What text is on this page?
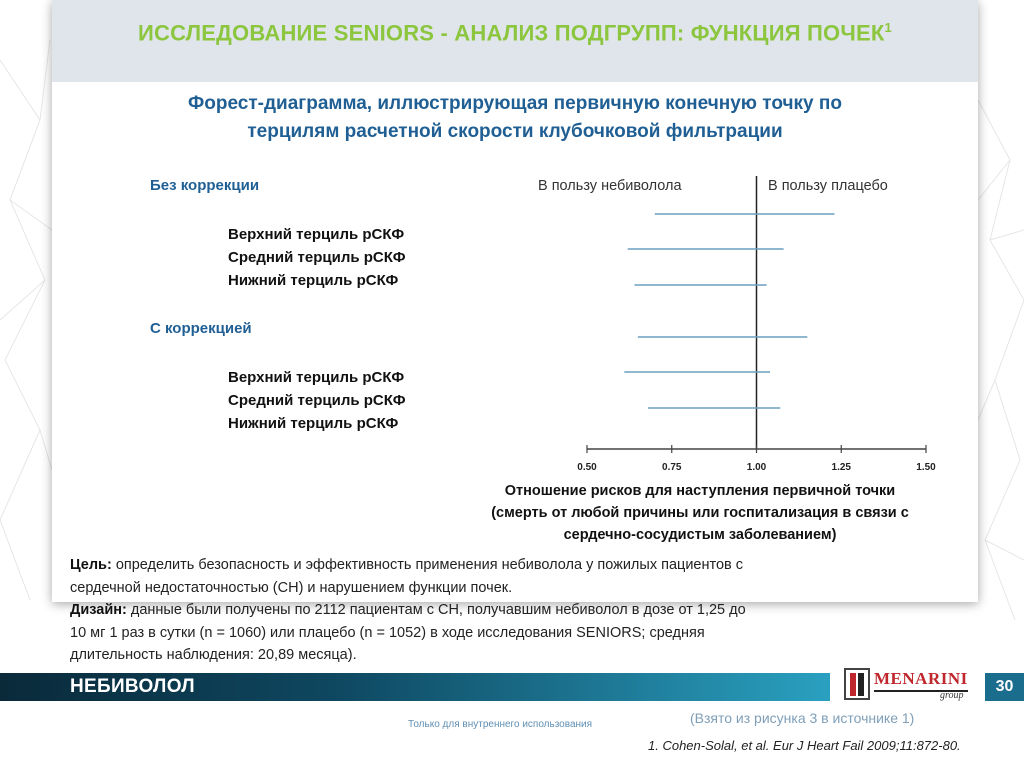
ИССЛЕДОВАНИЕ SENIORS - АНАЛИЗ ПОДГРУПП: ФУНКЦИЯ ПОЧЕК$^1$
Форест-диаграмма, иллюстрирующая первичную конечную точку по
терцилям расчетной скорости клубочковой фильтрации
Без коррекции
Верхний терциль рСКФ
Средний терциль рСКФ
Нижний терциль рСКФ
С коррекцией
Верхний терциль рСКФ
Средний терциль рСКФ
Нижний терциль рСКФ
В пользу небиволола	В пользу плацебо
0.50	0.75	1.00	1.25	1.50
Отношение рисков для наступления первичной точки
(смерть от любой причины или госпитализация в связи с
сердечно-сосудистым заболеванием)
Цель: определить безопасность и эффективность применения небиволола у пожилых пациентов с
сердечной недостаточностью (СН) и нарушением функции почек.
Дизайн: данные были получены по 2112 пациентам с СН, получавшим небиволол в дозе от 1,25 до
10 мг 1 раз в сутки (n = 1060) или плацебо (n = 1052) в ходе исследования SENIORS; средняя
длительность наблюдения: 20,89 месяца).
НЕБИВОЛОЛ	MENARINI
group
30
Только для внутреннего использования	(Взято из рисунка 3 в источнике 1)
1. Cohen-Solal, et al. Eur J Heart Fail 2009;11:872-80.
